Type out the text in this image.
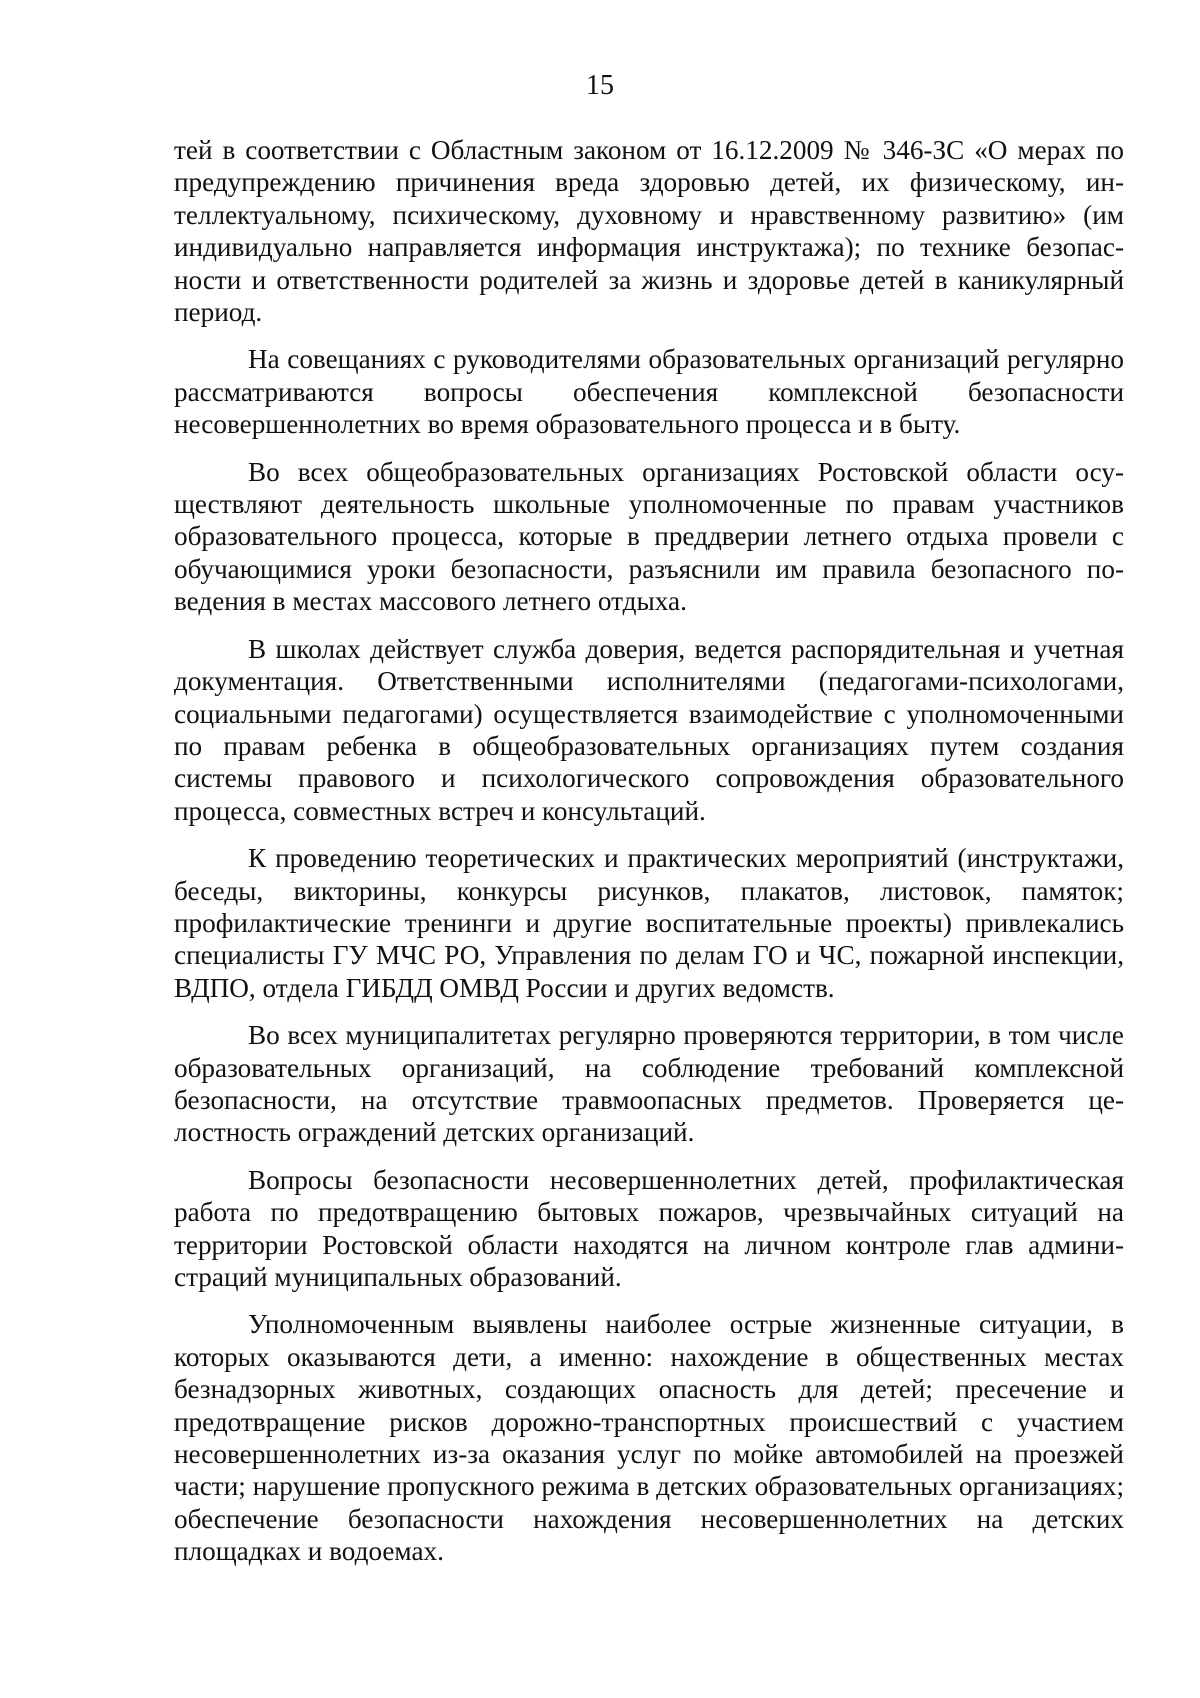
15

тей в соответствии с Областным законом от 16.12.2009 № 346-ЗС «О мерах по предупреждению причинения вреда здоровью детей, их физическому, интеллектуальному, психическому, духовному и нравственному развитию» (им индивидуально направляется информация инструктажа); по технике безопасности и ответственности родителей за жизнь и здоровье детей в каникулярный период.

На совещаниях с руководителями образовательных организаций регулярно рассматриваются вопросы обеспечения комплексной безопасности несовершеннолетних во время образовательного процесса и в быту.

Во всех общеобразовательных организациях Ростовской области осуществляют деятельность школьные уполномоченные по правам участников образовательного процесса, которые в преддверии летнего отдыха провели с обучающимися уроки безопасности, разъяснили им правила безопасного поведения в местах массового летнего отдыха.

В школах действует служба доверия, ведется распорядительная и учетная документация. Ответственными исполнителями (педагогами-психологами, социальными педагогами) осуществляется взаимодействие с уполномоченными по правам ребенка в общеобразовательных организациях путем создания системы правового и психологического сопровождения образовательного процесса, совместных встреч и консультаций.

К проведению теоретических и практических мероприятий (инструктажи, беседы, викторины, конкурсы рисунков, плакатов, листовок, памяток; профилактические тренинги и другие воспитательные проекты) привлекались специалисты ГУ МЧС РО, Управления по делам ГО и ЧС, пожарной инспекции, ВДПО, отдела ГИБДД ОМВД России и других ведомств.

Во всех муниципалитетах регулярно проверяются территории, в том числе образовательных организаций, на соблюдение требований комплексной безопасности, на отсутствие травмоопасных предметов. Проверяется целостность ограждений детских организаций.

Вопросы безопасности несовершеннолетних детей, профилактическая работа по предотвращению бытовых пожаров, чрезвычайных ситуаций на территории Ростовской области находятся на личном контроле глав администраций муниципальных образований.

Уполномоченным выявлены наиболее острые жизненные ситуации, в которых оказываются дети, а именно: нахождение в общественных местах безнадзорных животных, создающих опасность для детей; пресечение и предотвращение рисков дорожно-транспортных происшествий с участием несовершеннолетних из-за оказания услуг по мойке автомобилей на проезжей части; нарушение пропускного режима в детских образовательных организациях; обеспечение безопасности нахождения несовершеннолетних на детских площадках и водоемах.
